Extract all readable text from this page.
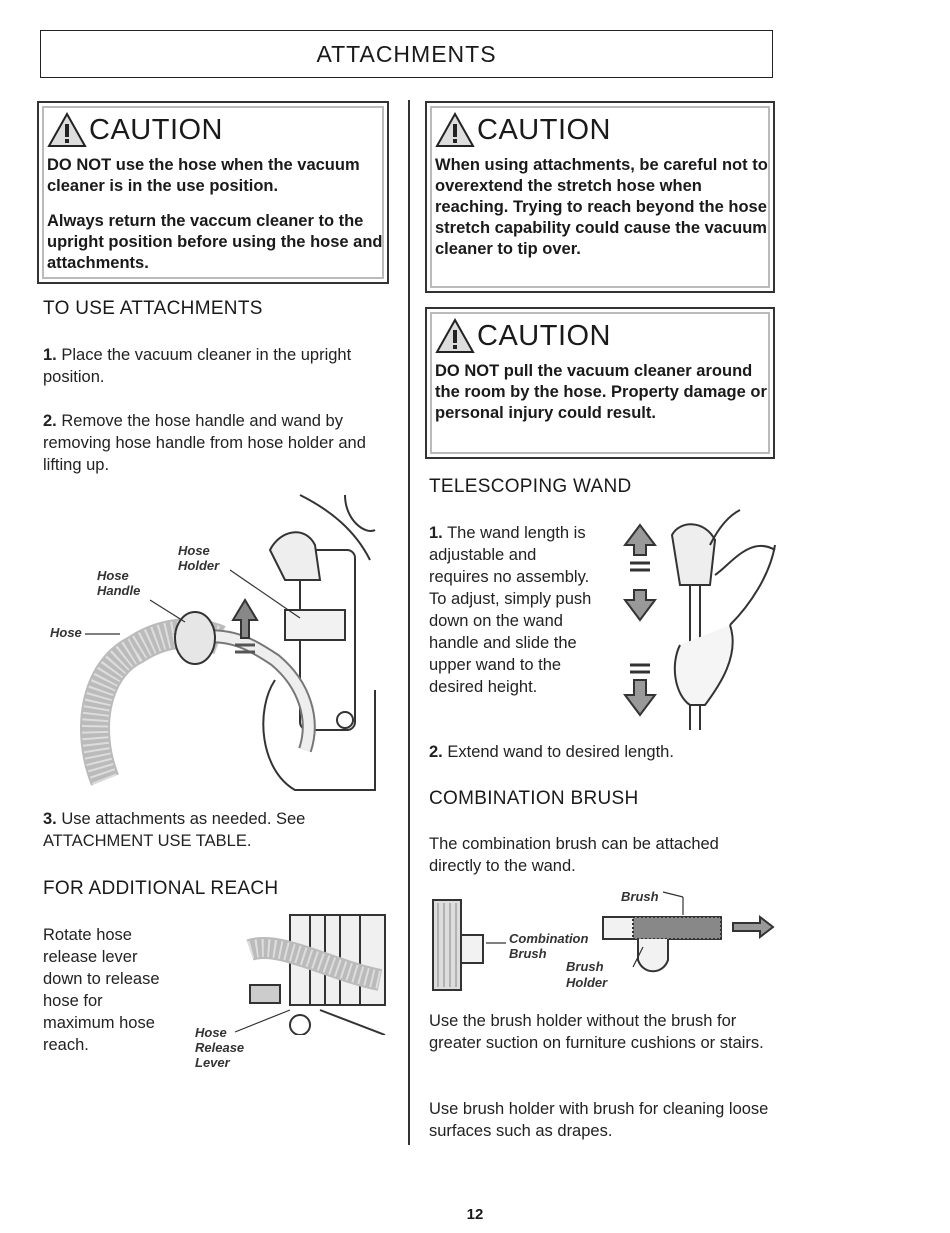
ATTACHMENTS
CAUTION

DO NOT use the hose when the vacuum cleaner is in the use position.

Always return the vaccum cleaner to the upright position before using the hose and attachments.

CAUTION

When using attachments, be careful not to overextend the stretch hose when reaching. Trying to reach beyond the hose stretch capability could cause the vacuum cleaner to tip over.

CAUTION

DO NOT pull the vacuum cleaner around the room by the hose. Property damage or personal injury could result.

TO USE ATTACHMENTS
1. Place the vacuum cleaner in the upright position.
2. Remove the hose handle and wand by removing hose handle from hose holder and lifting up.
Hose Holder
Hose Handle
Hose
3. Use attachments as needed. See
ATTACHMENT USE TABLE.
FOR ADDITIONAL REACH
Rotate hose release lever down to release hose for maximum hose reach.
Hose Release Lever
TELESCOPING WAND
1. The wand length is adjustable and requires no assembly. To adjust, simply push down on the wand handle and slide the upper wand to the desired height.
2. Extend wand to desired length.
COMBINATION BRUSH
The combination brush can be attached directly to the wand.
Combination Brush
Brush
Brush Holder
Use the brush holder without the brush for greater suction on furniture cushions or stairs.
Use brush holder with brush for cleaning loose surfaces such as drapes.
12
